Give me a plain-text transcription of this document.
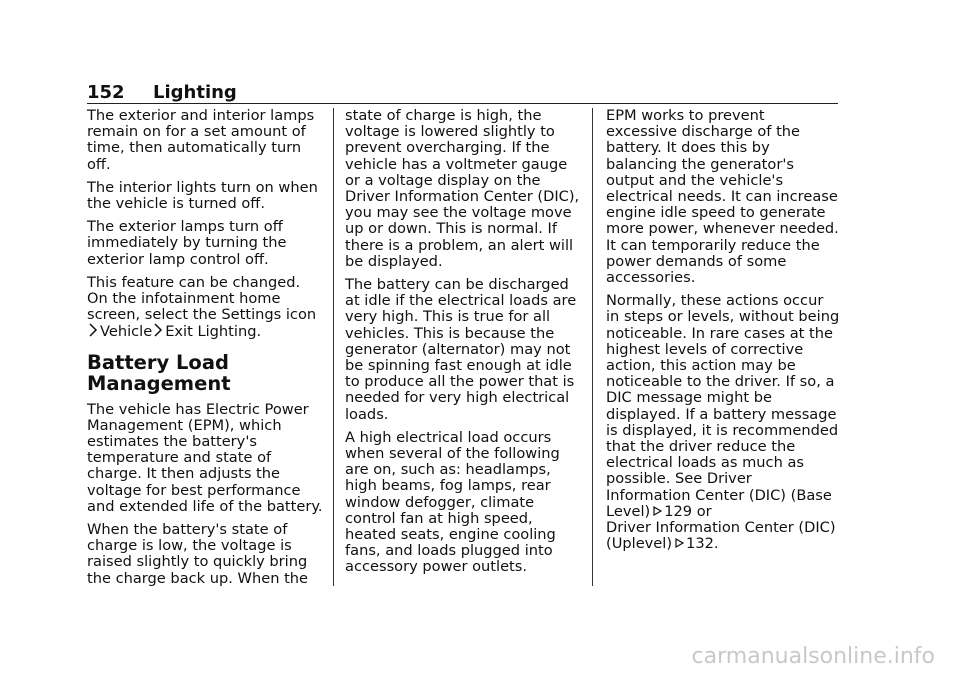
152 Lighting

The exterior and interior lamps remain on for a set amount of time, then automatically turn off.

The interior lights turn on when the vehicle is turned off.

The exterior lamps turn off immediately by turning the exterior lamp control off.

This feature can be changed. On the infotainment home screen, select the Settings icon
Vehicle Exit Lighting.

Battery Load Management

The vehicle has Electric Power Management (EPM), which estimates the battery's temperature and state of charge. It then adjusts the voltage for best performance and extended life of the battery.

When the battery's state of charge is low, the voltage is raised slightly to quickly bring the charge back up. When the

state of charge is high, the voltage is lowered slightly to prevent overcharging. If the vehicle has a voltmeter gauge or a voltage display on the Driver Information Center (DIC), you may see the voltage move up or down. This is normal. If there is a problem, an alert will be displayed.

The battery can be discharged at idle if the electrical loads are very high. This is true for all vehicles. This is because the generator (alternator) may not be spinning fast enough at idle to produce all the power that is needed for very high electrical loads.

A high electrical load occurs when several of the following are on, such as: headlamps, high beams, fog lamps, rear window defogger, climate control fan at high speed, heated seats, engine cooling fans, and loads plugged into accessory power outlets.

EPM works to prevent excessive discharge of the battery. It does this by balancing the generator's output and the vehicle's electrical needs. It can increase engine idle speed to generate more power, whenever needed. It can temporarily reduce the power demands of some accessories.

Normally, these actions occur in steps or levels, without being noticeable. In rare cases at the highest levels of corrective action, this action may be noticeable to the driver. If so, a DIC message might be displayed. If a battery message is displayed, it is recommended that the driver reduce the electrical loads as much as possible. See Driver Information Center (DIC) (Base Level) 129 or
Driver Information Center (DIC) (Uplevel) 132.

carmanualsonline.info
